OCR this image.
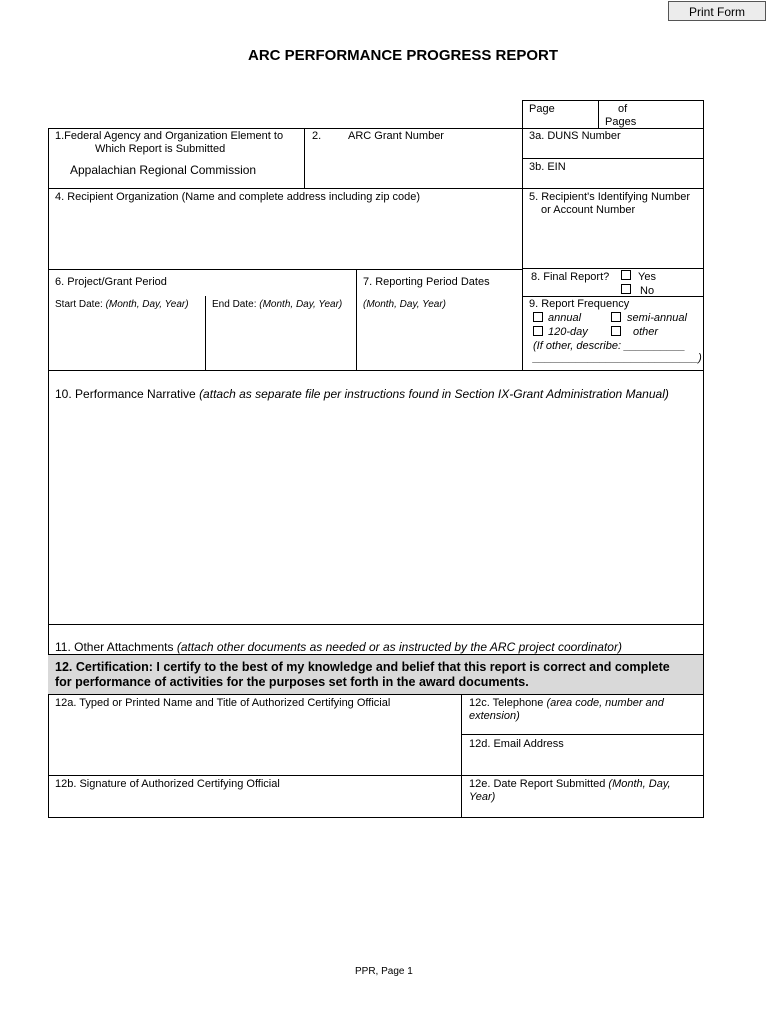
Print Form
ARC PERFORMANCE PROGRESS REPORT
Page	of
Pages
1.Federal Agency and Organization Element to
Which Report is Submitted
Appalachian Regional Commission
2. ARC Grant Number	3a. DUNS Number
3b. EIN
4. Recipient Organization (Name and complete address including zip code)	5. Recipient's Identifying Number
or Account Number
6. Project/Grant Period
Start Date: (Month, Day, Year) End Date: (Month, Day, Year)
7. Reporting Period Dates
(Month, Day, Year)
8. Final Report?	Yes
No
9. Report Frequency
annual	semi-annual
120-day	other
(If other, describe: __________
___________________________)
10. Performance Narrative (attach as separate file per instructions found in Section IX-Grant Administration Manual)
11. Other Attachments (attach other documents as needed or as instructed by the ARC project coordinator)
12. Certification: I certify to the best of my knowledge and belief that this report is correct and complete
for performance of activities for the purposes set forth in the award documents.
12a. Typed or Printed Name and Title of Authorized Certifying Official
12b. Signature of Authorized Certifying Official
12c. Telephone (area code, number and
extension)
12d. Email Address
12e. Date Report Submitted (Month, Day,
Year)
PPR, Page 1
